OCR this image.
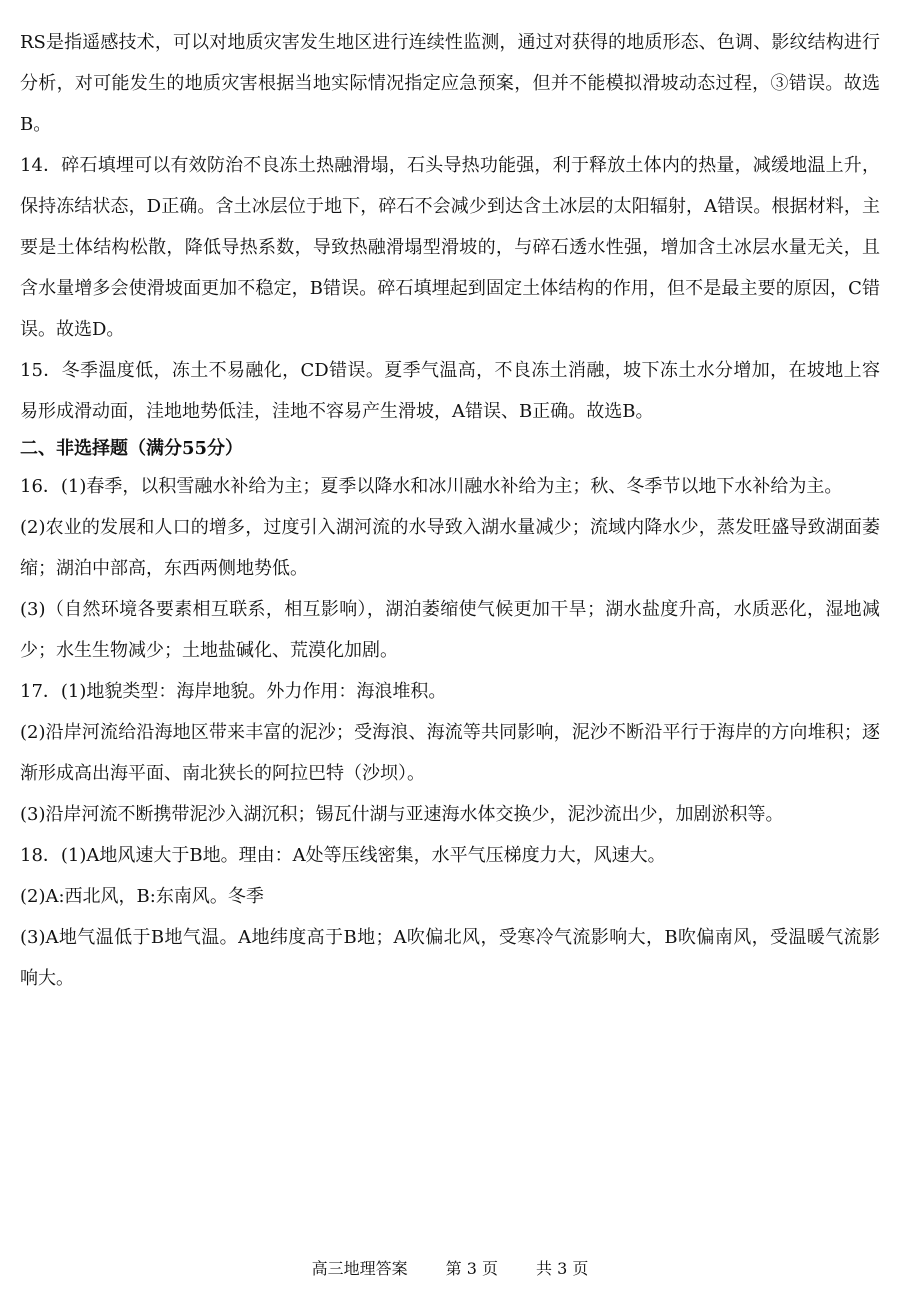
RS是指遥感技术，可以对地质灾害发生地区进行连续性监测，通过对获得的地质形态、色调、影纹结构进行分析，对可能发生的地质灾害根据当地实际情况指定应急预案，但并不能模拟滑坡动态过程，③错误。故选B。

14．碎石填埋可以有效防治不良冻土热融滑塌，石头导热功能强，利于释放土体内的热量，减缓地温上升，保持冻结状态，D正确。含土冰层位于地下，碎石不会减少到达含土冰层的太阳辐射，A错误。根据材料，主要是土体结构松散，降低导热系数，导致热融滑塌型滑坡的，与碎石透水性强，增加含土冰层水量无关，且含水量增多会使滑坡面更加不稳定，B错误。碎石填埋起到固定土体结构的作用，但不是最主要的原因，C错误。故选D。

15．冬季温度低，冻土不易融化，CD错误。夏季气温高，不良冻土消融，坡下冻土水分增加，在坡地上容易形成滑动面，洼地地势低洼，洼地不容易产生滑坡，A错误、B正确。故选B。

二、非选择题（满分55分）

16．(1)春季，以积雪融水补给为主；夏季以降水和冰川融水补给为主；秋、冬季节以地下水补给为主。

(2)农业的发展和人口的增多，过度引入湖河流的水导致入湖水量减少；流域内降水少，蒸发旺盛导致湖面萎缩；湖泊中部高，东西两侧地势低。

(3)（自然环境各要素相互联系，相互影响），湖泊萎缩使气候更加干旱；湖水盐度升高，水质恶化，湿地减少；水生生物减少；土地盐碱化、荒漠化加剧。

17．(1)地貌类型：海岸地貌。外力作用：海浪堆积。

(2)沿岸河流给沿海地区带来丰富的泥沙；受海浪、海流等共同影响，泥沙不断沿平行于海岸的方向堆积；逐渐形成高出海平面、南北狭长的阿拉巴特（沙坝）。

(3)沿岸河流不断携带泥沙入湖沉积；锡瓦什湖与亚速海水体交换少，泥沙流出少，加剧淤积等。

18．(1)A地风速大于B地。理由：A处等压线密集，水平气压梯度力大，风速大。

(2)A:西北风，B:东南风。冬季

(3)A地气温低于B地气温。A地纬度高于B地；A吹偏北风，受寒冷气流影响大，B吹偏南风，受温暖气流影响大。

高三地理答案 第 3 页 共 3 页
